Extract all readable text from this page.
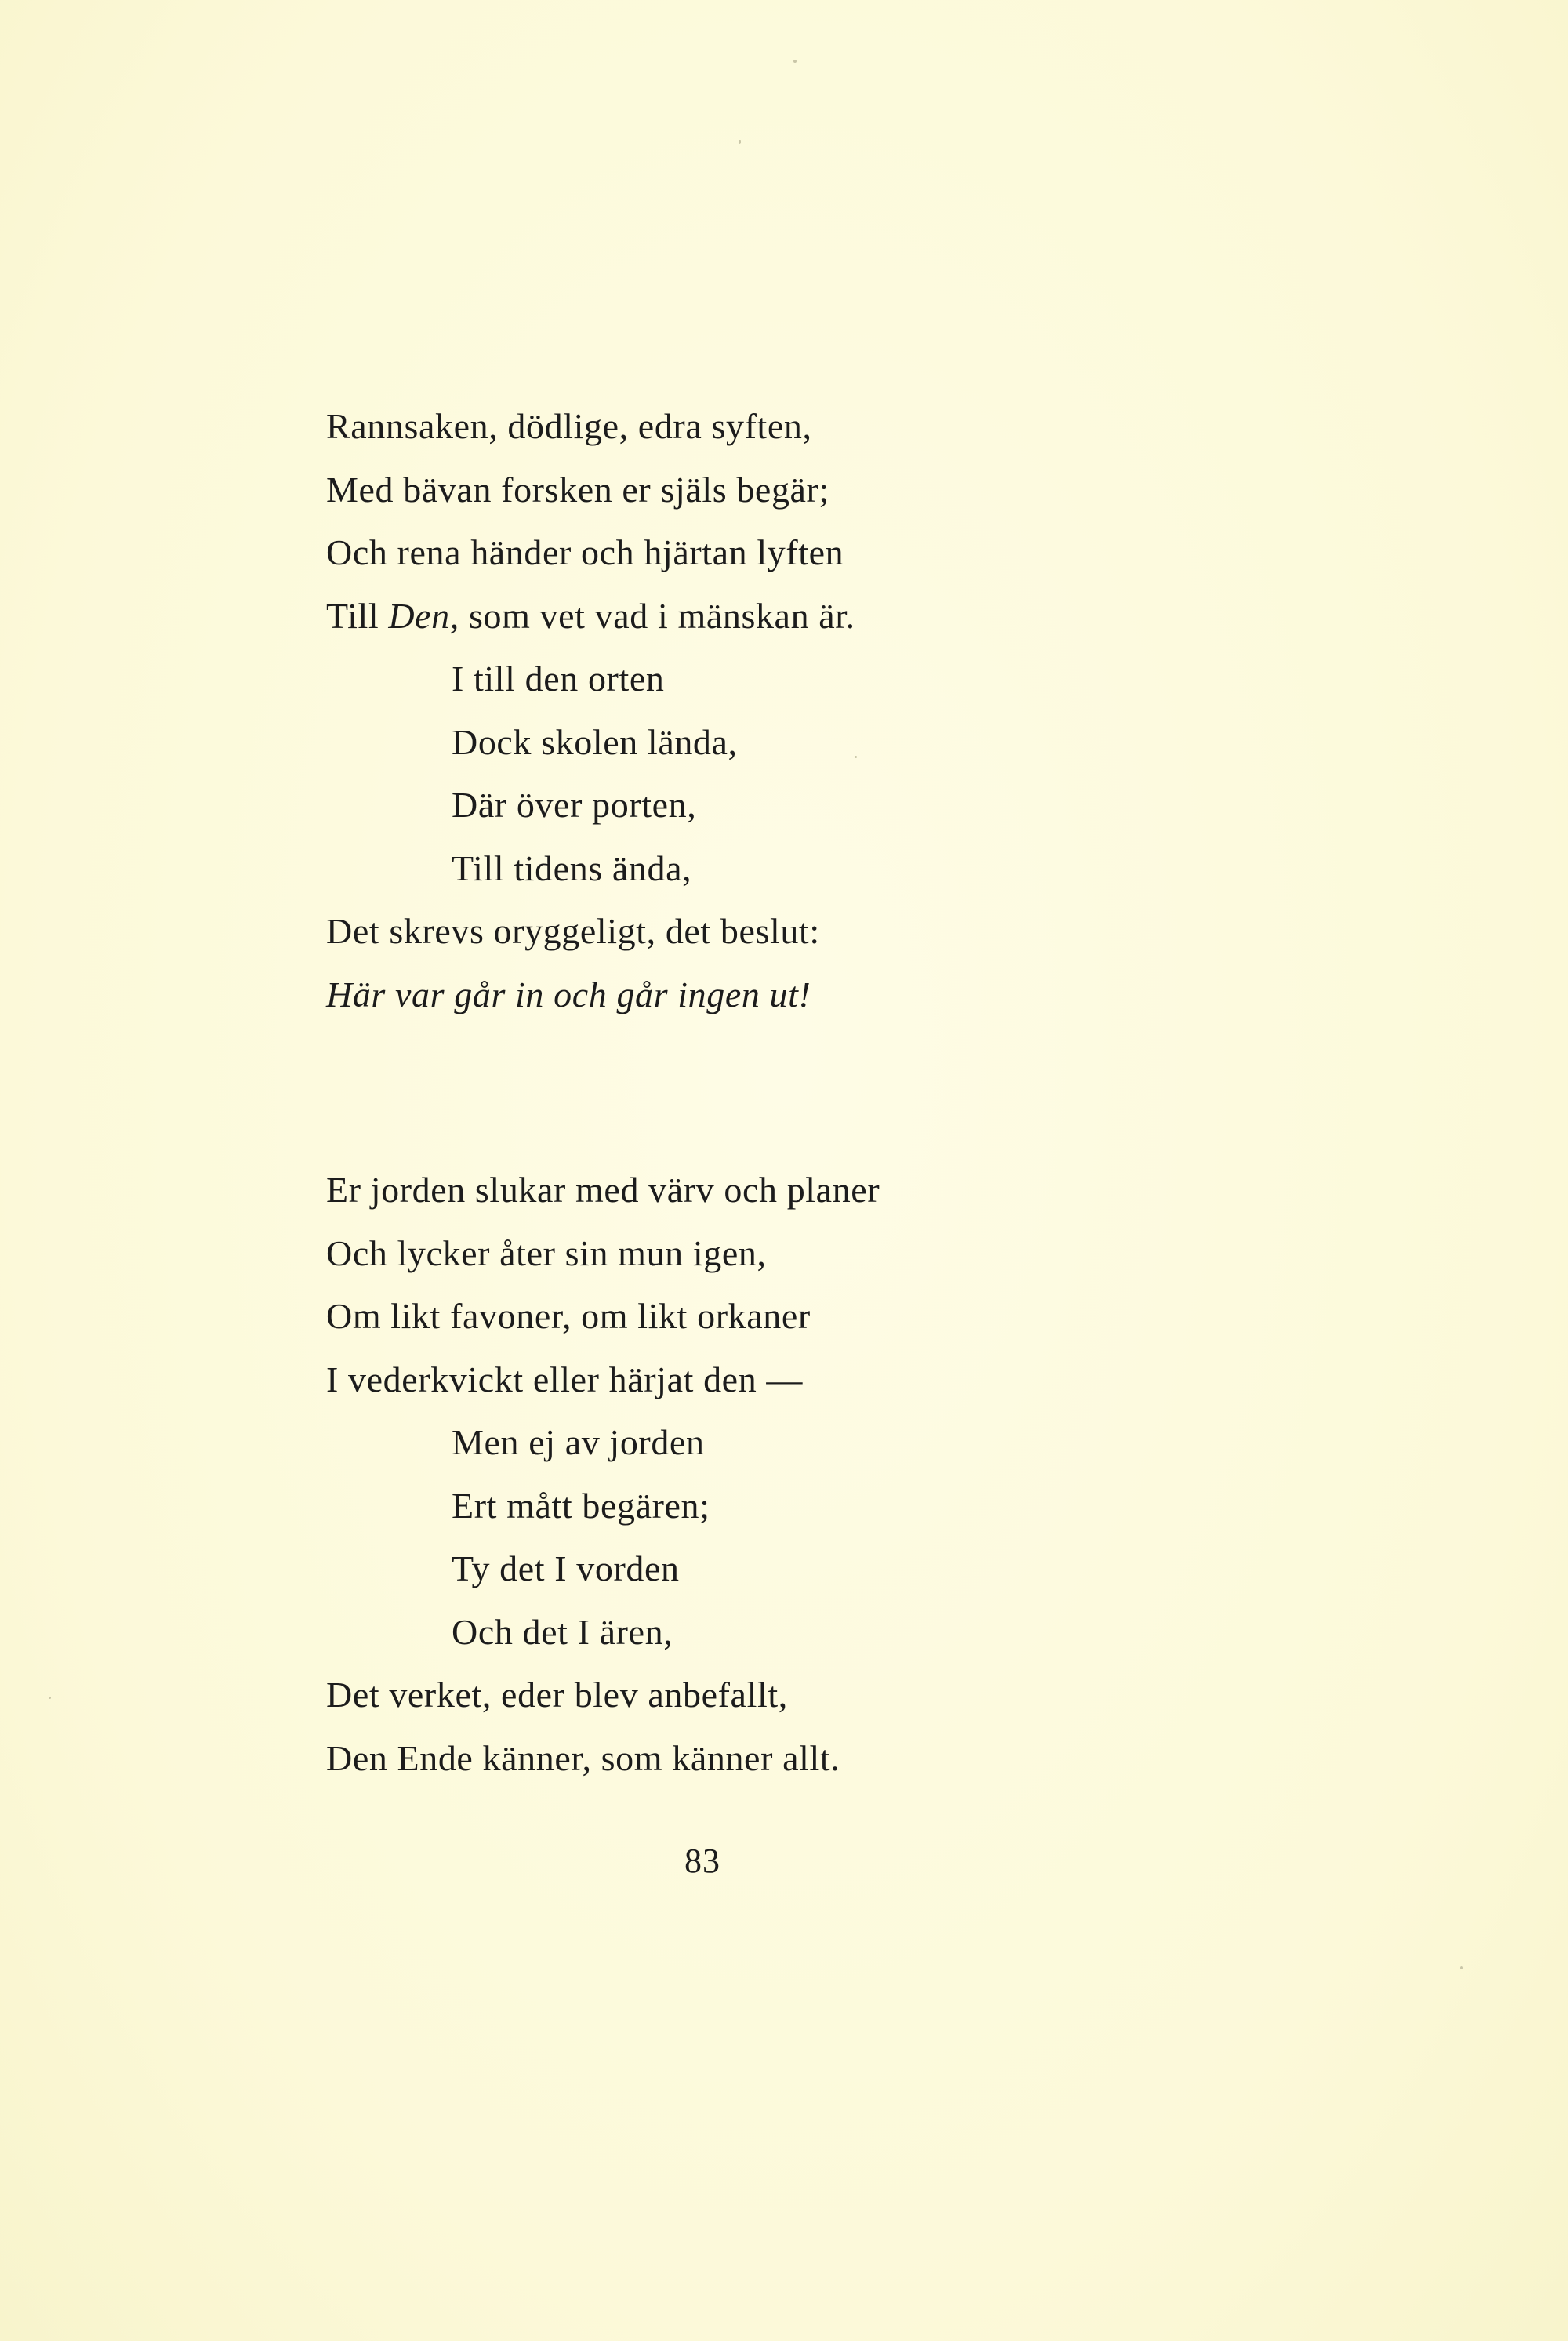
Rannsaken, dödlige, edra syften,
Med bävan forsken er själs begär;
Och rena händer och hjärtan lyften
Till Den, som vet vad i mänskan är.
I till den orten
Dock skolen lända,
Där över porten,
Till tidens ända,
Det skrevs oryggeligt, det beslut:
Här var går in och går ingen ut!
Er jorden slukar med värv och planer
Och lycker åter sin mun igen,
Om likt favoner, om likt orkaner
I vederkvickt eller härjat den —
Men ej av jorden
Ert mått begären;
Ty det I vorden
Och det I ären,
Det verket, eder blev anbefallt,
Den Ende känner, som känner allt.
83
